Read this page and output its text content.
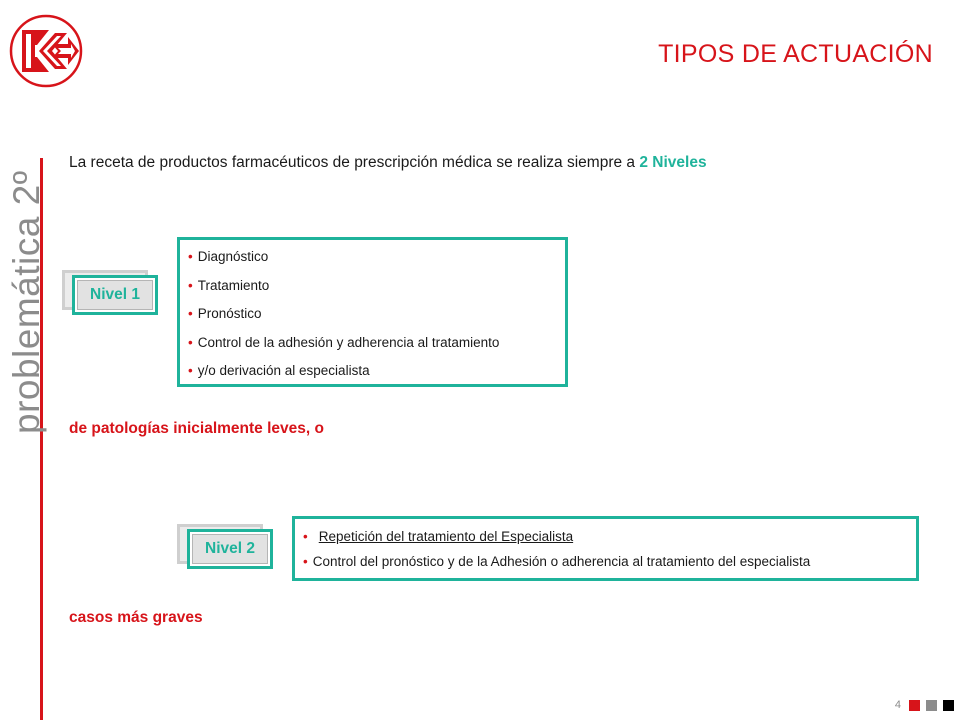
TIPOS DE ACTUACIÓN
problemática 2º
La receta de productos farmacéuticos de prescripción médica se realiza siempre a 2 Niveles
Nivel 1
• Diagnóstico
• Tratamiento
• Pronóstico
• Control de la adhesión y adherencia al tratamiento
• y/o derivación al especialista
de patologías inicialmente leves, o
Nivel 2
• Repetición del tratamiento del Especialista
• Control del pronóstico y de la Adhesión o adherencia al tratamiento del especialista
casos más graves
4
